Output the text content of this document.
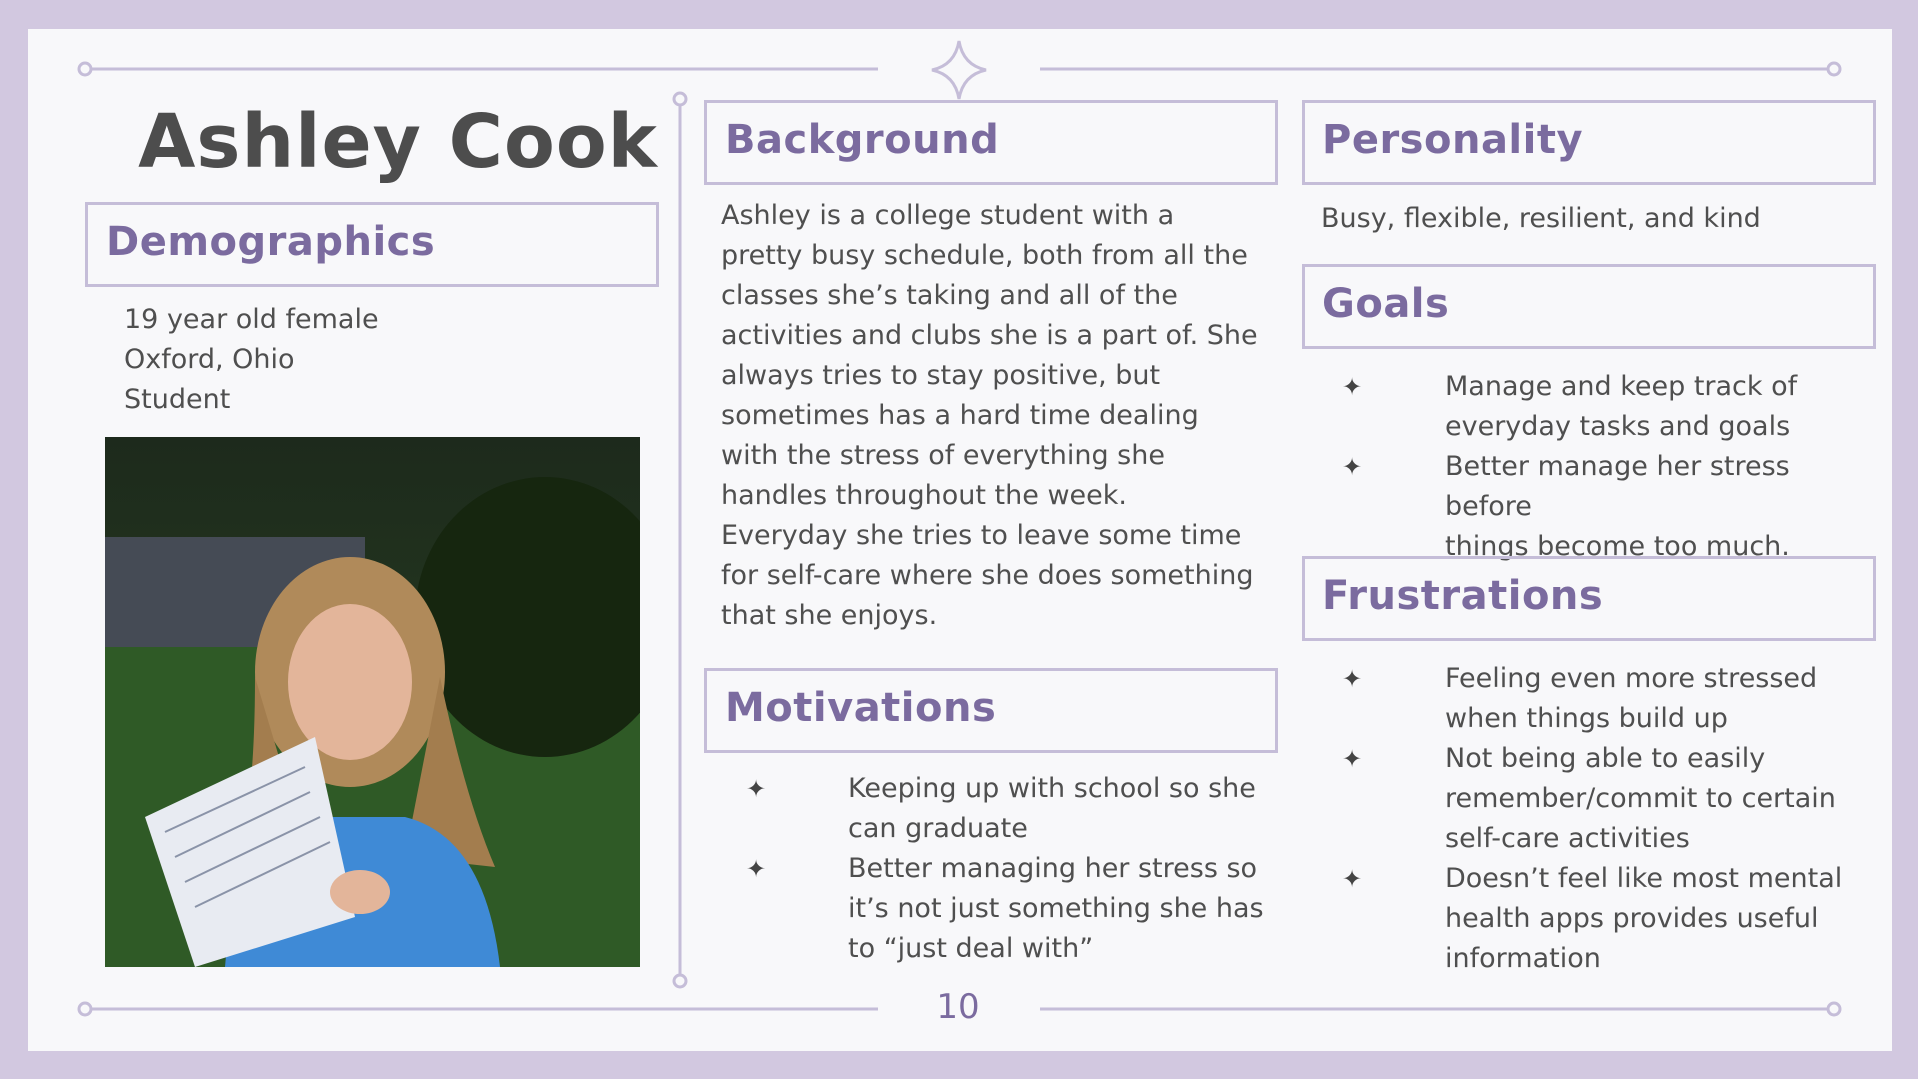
Ashley Cook
Demographics
19 year old female
Oxford, Ohio
Student
Background
Ashley is a college student with a
pretty busy schedule, both from all the
classes she’s taking and all of the
activities and clubs she is a part of. She
always tries to stay positive, but
sometimes has a hard time dealing
with the stress of everything she
handles throughout the week.
Everyday she tries to leave some time
for self-care where she does something
that she enjoys.
Motivations
✦	Keeping up with school so she
can graduate
✦	Better managing her stress so
it’s not just something she has
to “just deal with”
Personality
Busy, flexible, resilient, and kind
Goals
✦	Manage and keep track of
everyday tasks and goals
✦	Better manage her stress before
things become too much.
Frustrations
✦	Feeling even more stressed
when things build up
✦	Not being able to easily
remember/commit to certain
self-care activities
✦	Doesn’t feel like most mental
health apps provides useful
information
10
